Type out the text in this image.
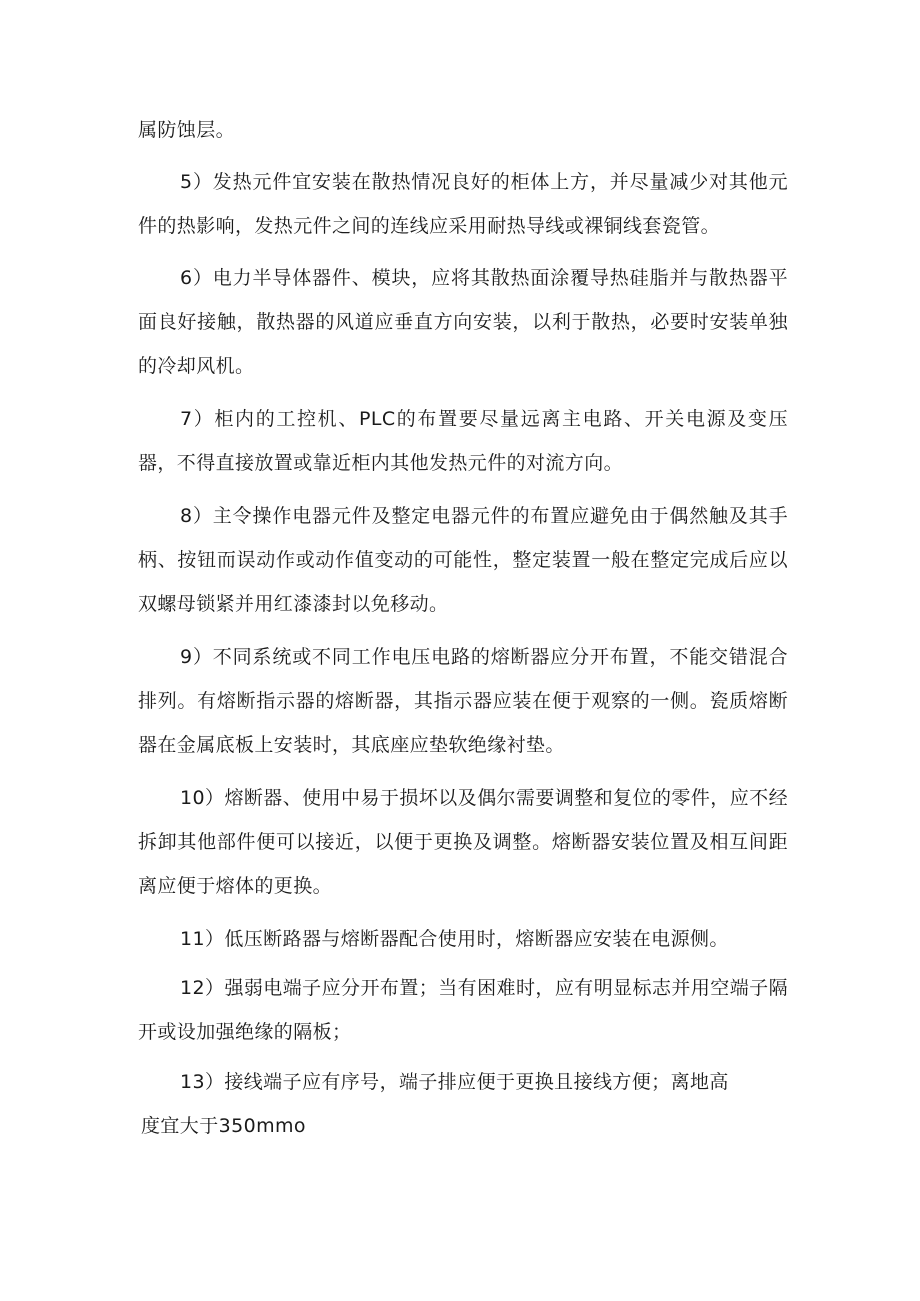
属防蚀层。

5）发热元件宜安装在散热情况良好的柜体上方，并尽量减少对其他元件的热影响，发热元件之间的连线应采用耐热导线或裸铜线套瓷管。

6）电力半导体器件、模块，应将其散热面涂覆导热硅脂并与散热器平面良好接触，散热器的风道应垂直方向安装，以利于散热，必要时安装单独的冷却风机。

7）柜内的工控机、PLC的布置要尽量远离主电路、开关电源及变压器，不得直接放置或靠近柜内其他发热元件的对流方向。

8）主令操作电器元件及整定电器元件的布置应避免由于偶然触及其手柄、按钮而误动作或动作值变动的可能性，整定装置一般在整定完成后应以双螺母锁紧并用红漆漆封以免移动。

9）不同系统或不同工作电压电路的熔断器应分开布置，不能交错混合排列。有熔断指示器的熔断器，其指示器应装在便于观察的一侧。瓷质熔断器在金属底板上安装时，其底座应垫软绝缘衬垫。

10）熔断器、使用中易于损坏以及偶尔需要调整和复位的零件，应不经拆卸其他部件便可以接近，以便于更换及调整。熔断器安装位置及相互间距离应便于熔体的更换。

11）低压断路器与熔断器配合使用时，熔断器应安装在电源侧。

12）强弱电端子应分开布置；当有困难时，应有明显标志并用空端子隔开或设加强绝缘的隔板；

13）接线端子应有序号，端子排应便于更换且接线方便；离地高
度宜大于350mmo
